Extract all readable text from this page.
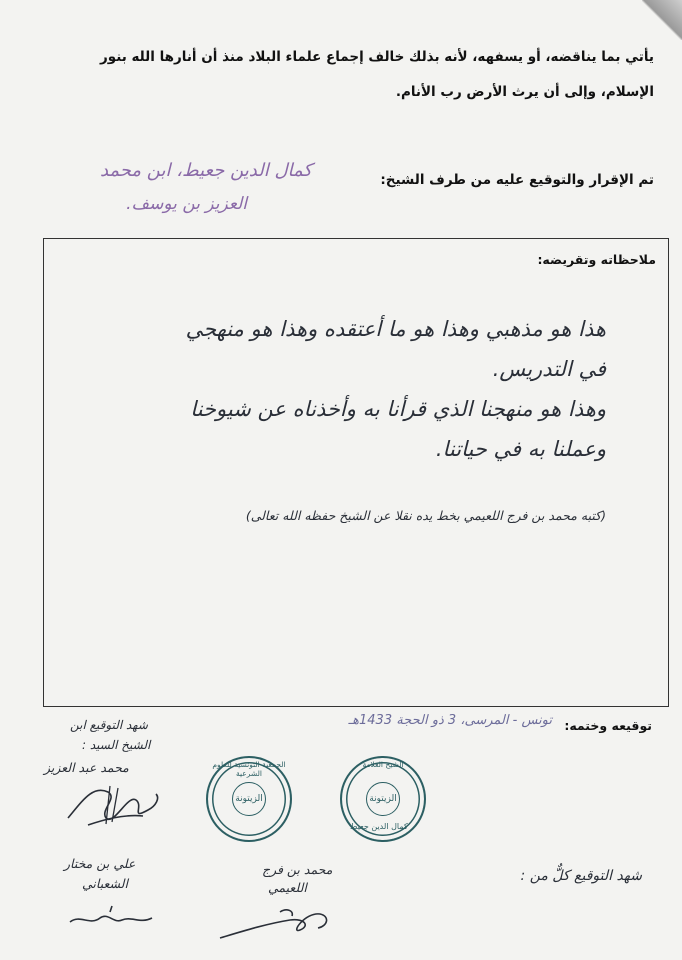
يأتي بما يناقضه، أو يسفهه، لأنه بذلك خالف إجماع علماء البلاد منذ أن أنارها الله بنور
الإسلام، وإلى أن يرث الأرض رب الأنام.
تم الإقرار والتوقيع عليه من طرف الشيخ:
كمال الدين جعيط، ابن محمد
العزيز بن يوسف.
ملاحظاته وتقريضه:
هذا هو مذهبي وهذا هو ما أعتقده وهذا هو منهجي
في التدريس.
وهذا هو منهجنا الذي قرأنا به وأخذناه عن شيوخنا
وعملنا به في حياتنا.
(كتبه محمد بن فرج اللعيمي بخط يده نقلا عن الشيخ حفظه الله تعالى)
توقيعه وختمه:
تونس - المرسى، 3 ذو الحجة 1433هـ
شهد التوقيع ابن
الشيخ السيد :
محمد عبد العزيز	الجمعية التونسية للعلوم الشرعية
الزيتونة
الشيخ العلامة
الزيتونة
كمال الدين جعيط
شهد التوقيع كلٌّ من :
محمد بن فرج
اللعيمي
علي بن مختار
الشعباني
